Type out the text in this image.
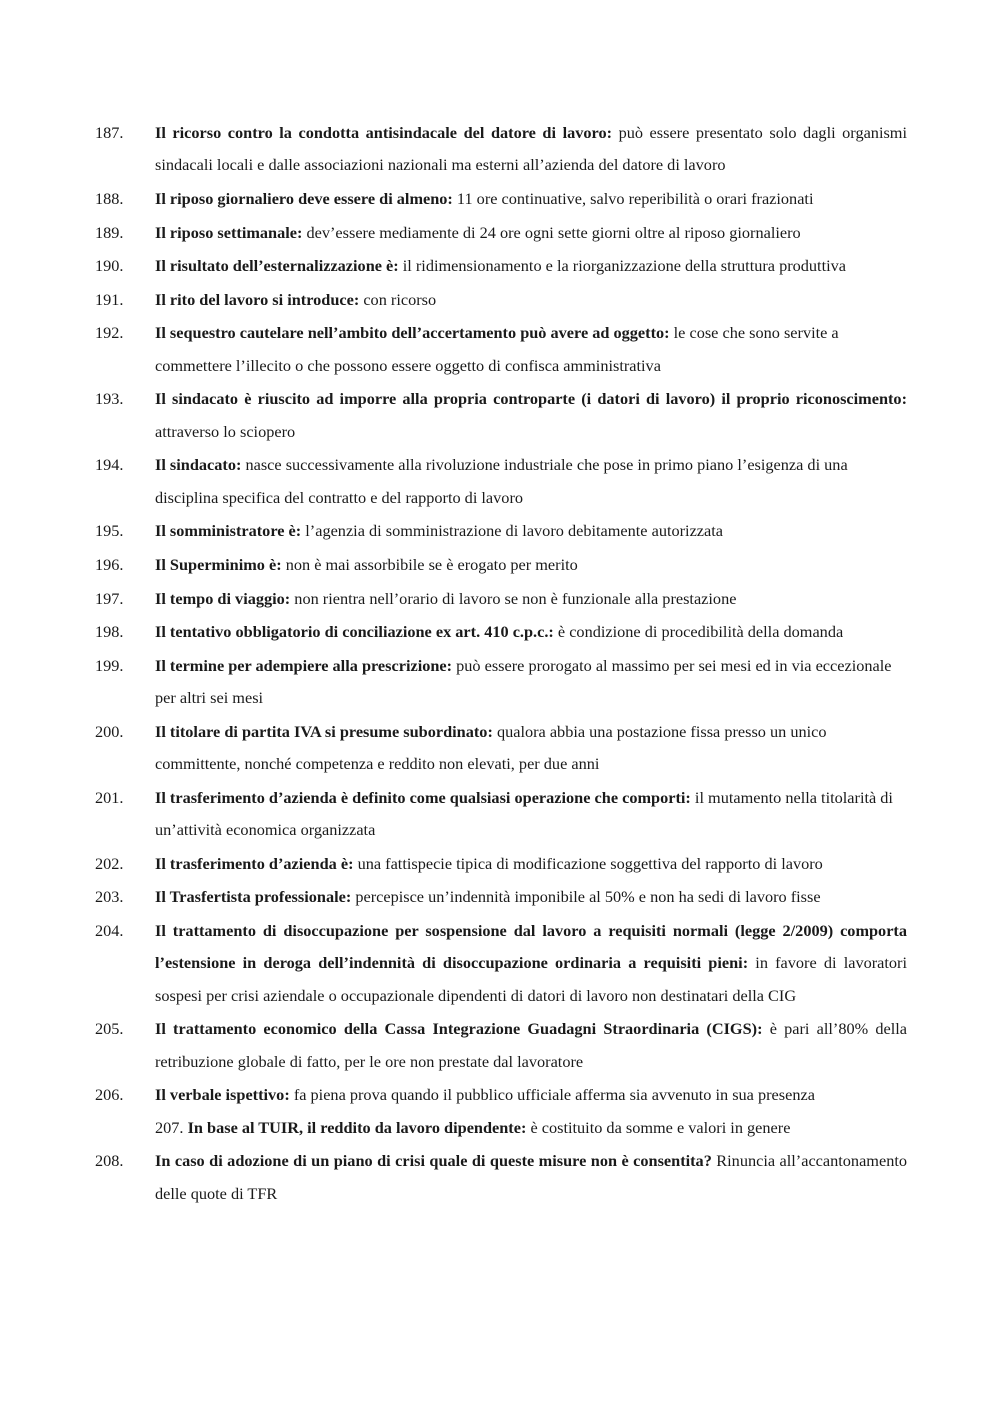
187.	Il ricorso contro la condotta antisindacale del datore di lavoro: può essere presentato solo dagli organismi sindacali locali e dalle associazioni nazionali ma esterni all’azienda del datore di lavoro
188.	Il riposo giornaliero deve essere di almeno: 11 ore continuative, salvo reperibilità o orari frazionati
189.	Il riposo settimanale: dev’essere mediamente di 24 ore ogni sette giorni oltre al riposo giornaliero
190.	Il risultato dell’esternalizzazione è: il ridimensionamento e la riorganizzazione della struttura produttiva
191.	Il rito del lavoro si introduce: con ricorso
192.	Il sequestro cautelare nell’ambito dell’accertamento può avere ad oggetto: le cose che sono servite a commettere l’illecito o che possono essere oggetto di confisca amministrativa
193.	Il sindacato è riuscito ad imporre alla propria controparte (i datori di lavoro) il proprio riconoscimento: attraverso lo sciopero
194.	Il sindacato: nasce successivamente alla rivoluzione industriale che pose in primo piano l’esigenza di una disciplina specifica del contratto e del rapporto di lavoro
195.	Il somministratore è: l’agenzia di somministrazione di lavoro debitamente autorizzata
196.	Il Superminimo è: non è mai assorbibile se è erogato per merito
197.	Il tempo di viaggio: non rientra nell’orario di lavoro se non è funzionale alla prestazione
198.	Il tentativo obbligatorio di conciliazione ex art. 410 c.p.c.: è condizione di procedibilità della domanda
199.	Il termine per adempiere alla prescrizione: può essere prorogato al massimo per sei mesi ed in via eccezionale per altri sei mesi
200.	Il titolare di partita IVA si presume subordinato: qualora abbia una postazione fissa presso un unico committente, nonché competenza e reddito non elevati, per due anni
201.	Il trasferimento d’azienda è definito come qualsiasi operazione che comporti: il mutamento nella titolarità di un’attività economica organizzata
202.	Il trasferimento d’azienda è: una fattispecie tipica di modificazione soggettiva del rapporto di lavoro
203.	Il Trasfertista professionale: percepisce un’indennità imponibile al 50% e non ha sedi di lavoro fisse
204.	Il trattamento di disoccupazione per sospensione dal lavoro a requisiti normali (legge 2/2009) comporta l’estensione in deroga dell’indennità di disoccupazione ordinaria a requisiti pieni: in favore di lavoratori sospesi per crisi aziendale o occupazionale dipendenti di datori di lavoro non destinatari della CIG
205.	Il trattamento economico della Cassa Integrazione Guadagni Straordinaria (CIGS): è pari all’80% della retribuzione globale di fatto, per le ore non prestate dal lavoratore
206.	Il verbale ispettivo: fa piena prova quando il pubblico ufficiale afferma sia avvenuto in sua presenza
207. In base al TUIR, il reddito da lavoro dipendente: è costituito da somme e valori in genere
208.	In caso di adozione di un piano di crisi quale di queste misure non è consentita? Rinuncia all’accantonamento delle quote di TFR
